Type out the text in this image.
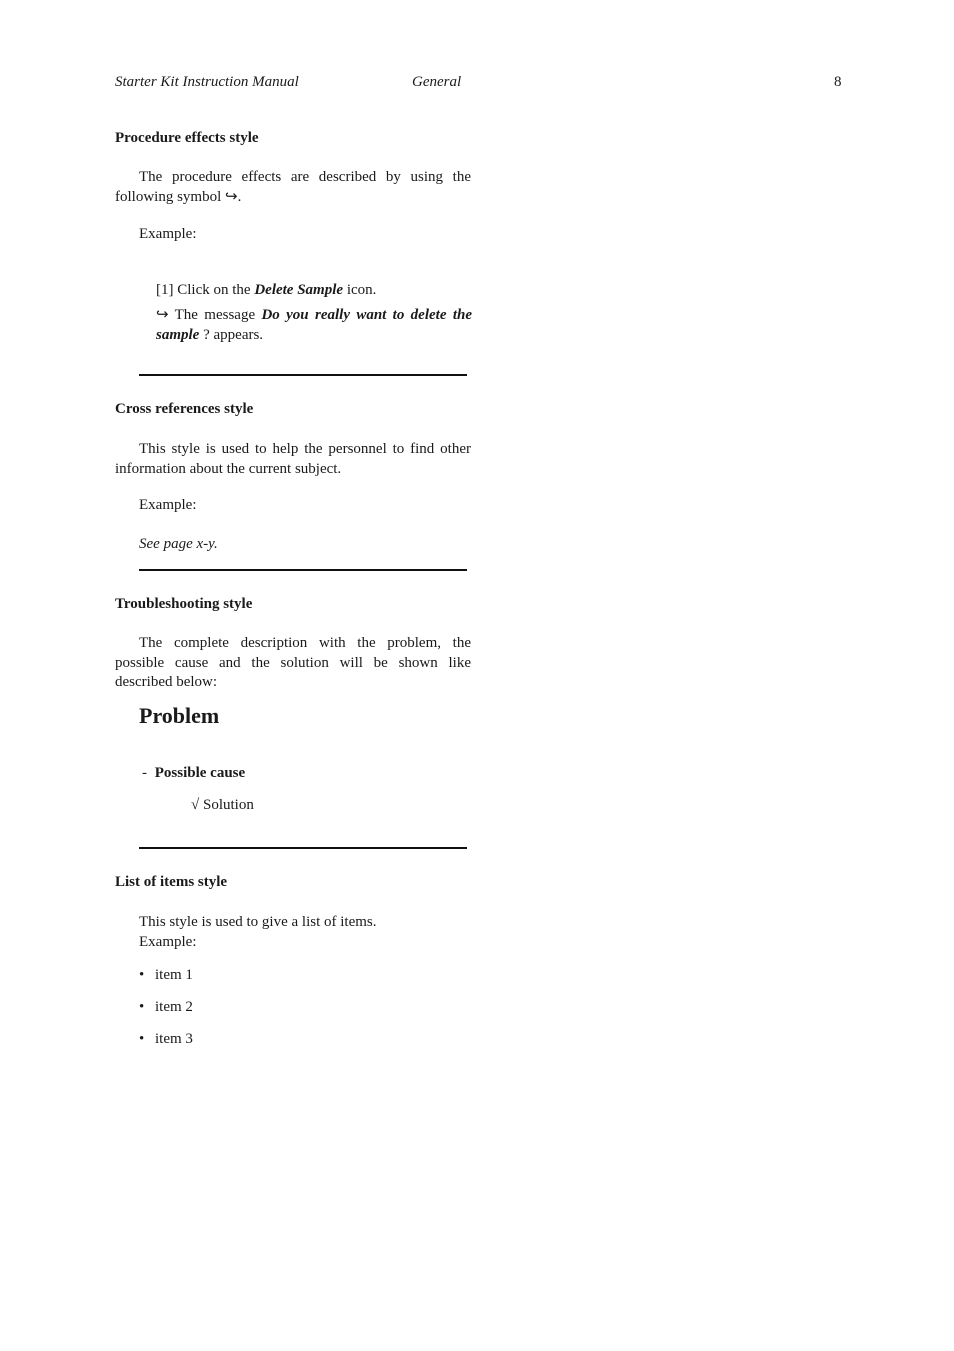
Starter Kit Instruction Manual	General	8
Procedure effects style
The procedure effects are described by using the following symbol ↪.
Example:
[1] Click on the Delete Sample icon.
↪ The message Do you really want to delete the sample ? appears.
Cross references style
This style is used to help the personnel to find other information about the current subject.
Example:
See page x-y.
Troubleshooting style
The complete description with the problem, the possible cause and the solution will be shown like described below:
Problem
- Possible cause
√ Solution
List of items style
This style is used to give a list of items.
Example:
• item 1
• item 2
• item 3
